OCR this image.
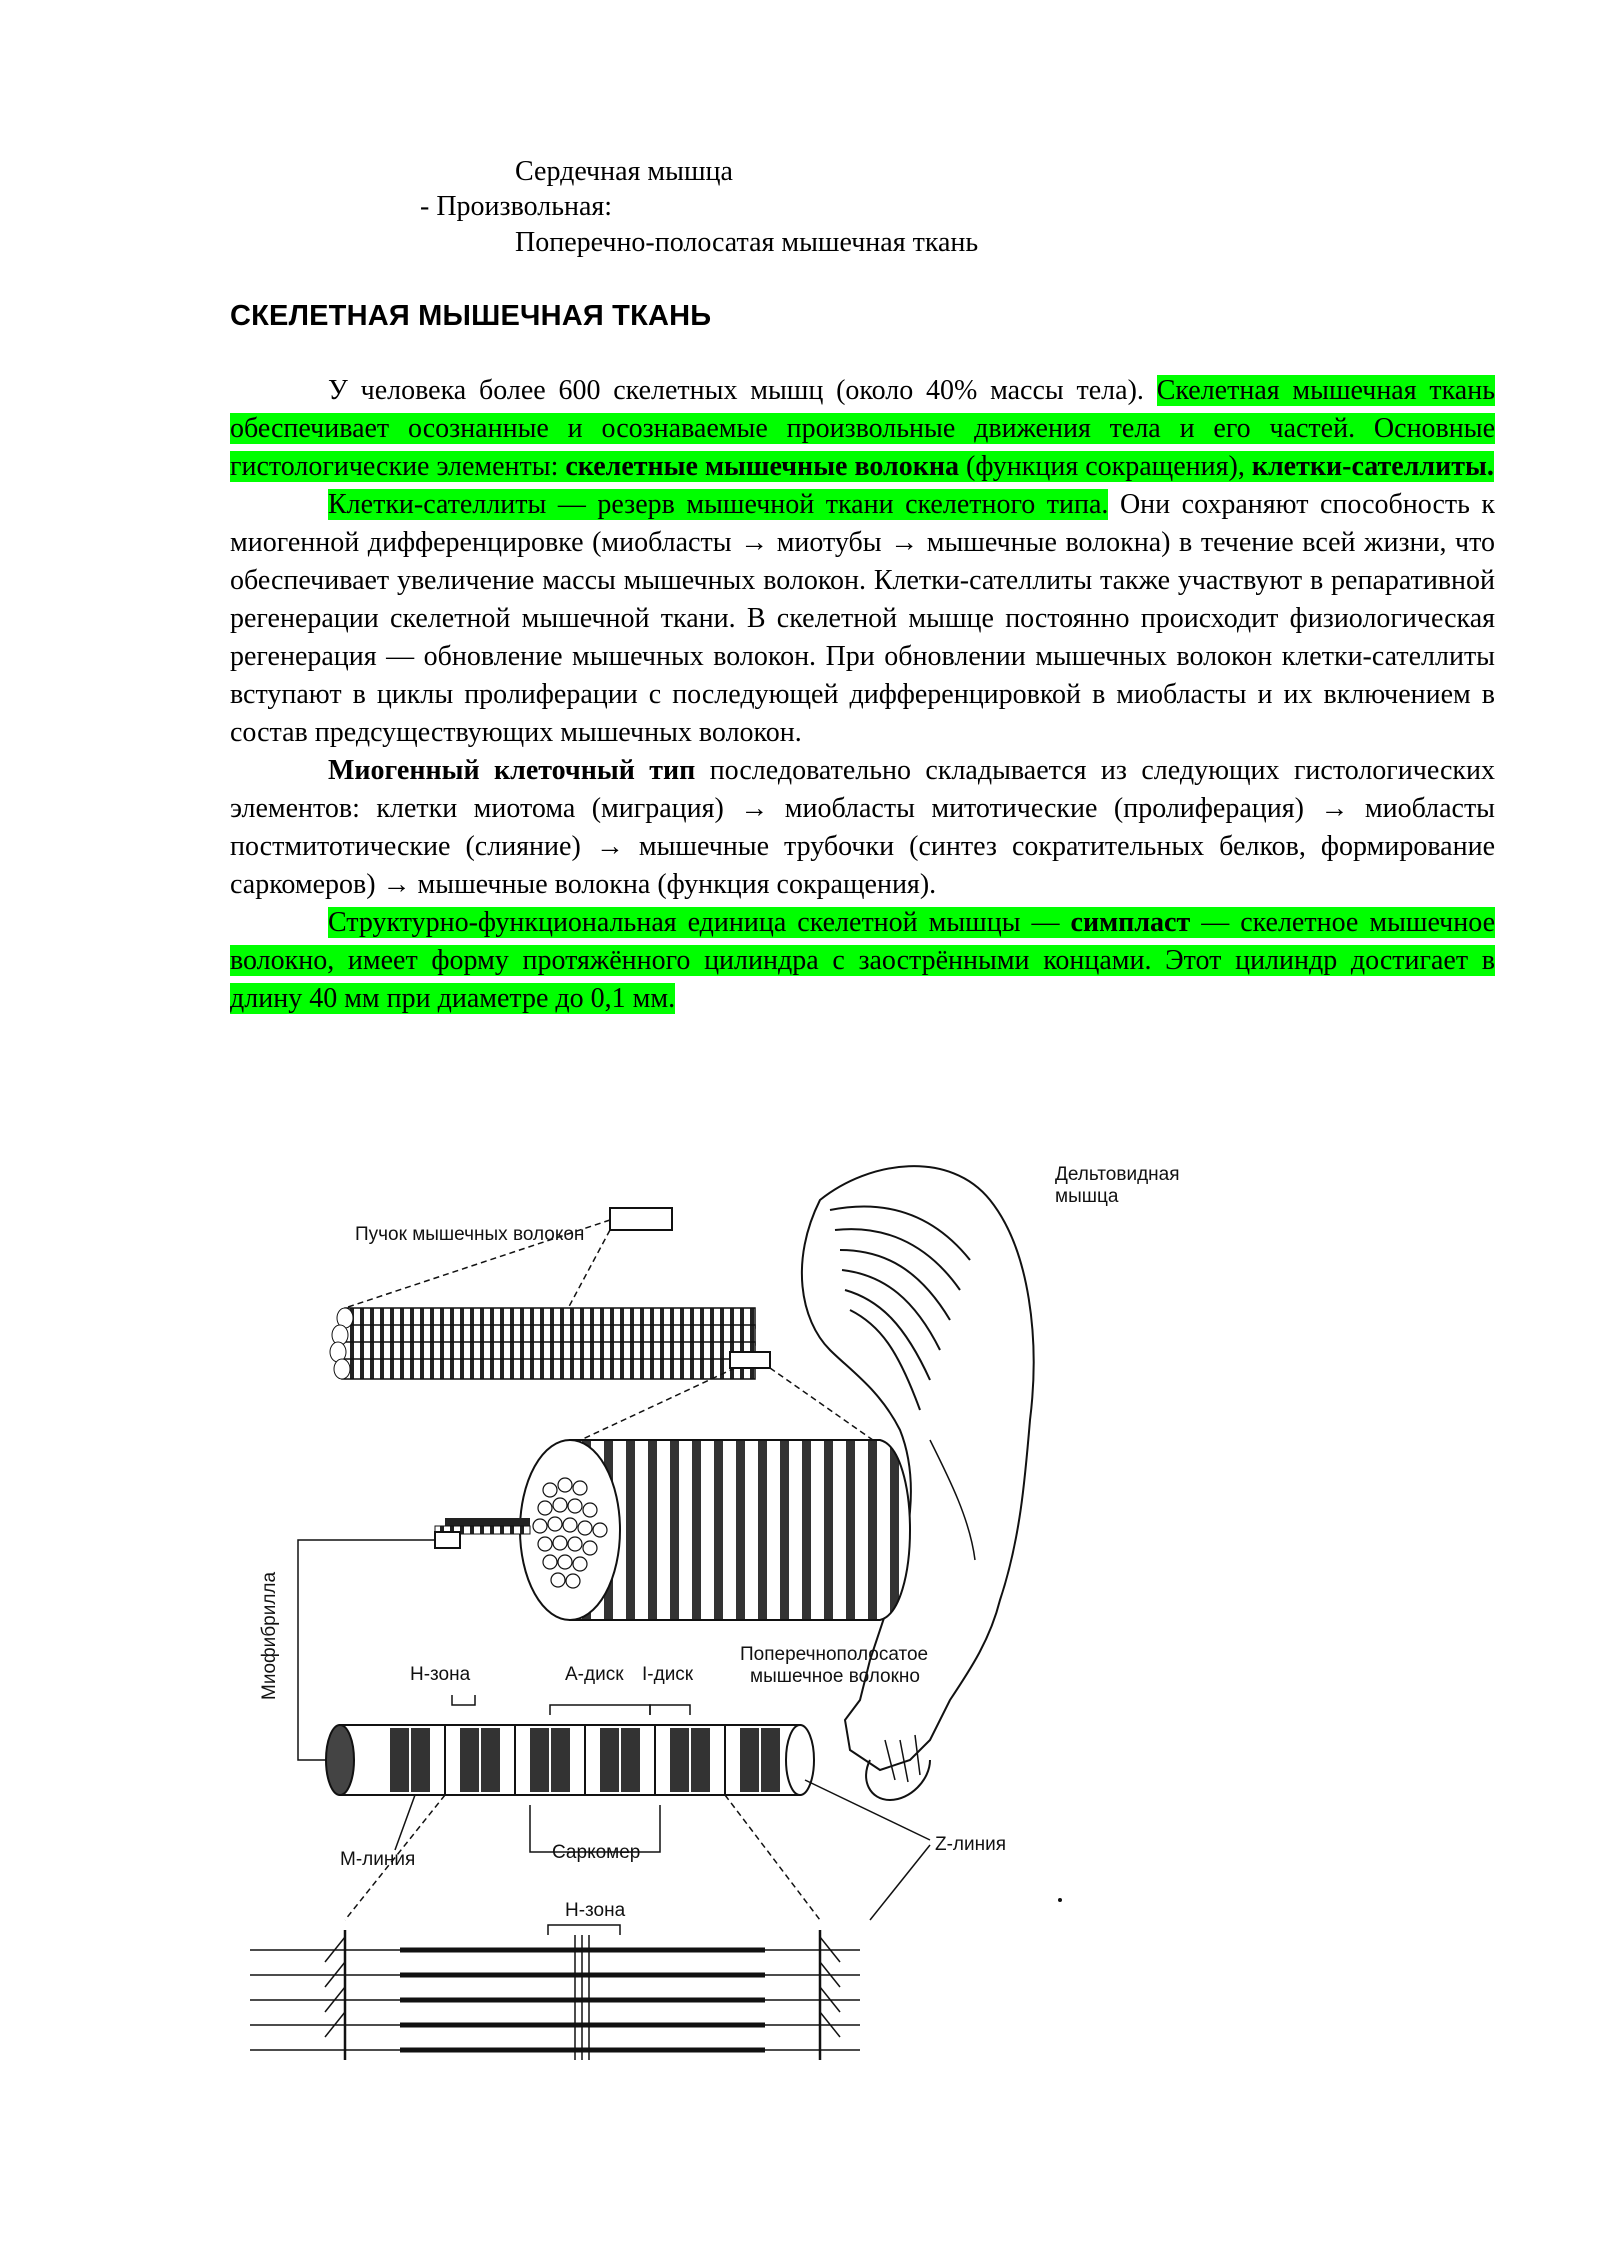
Сердечная мышца
- Произвольная:
Поперечно-полосатая мышечная ткань
СКЕЛЕТНАЯ МЫШЕЧНАЯ ТКАНЬ

У человека более 600 скелетных мышц (около 40% массы тела). Скелетная мышечная ткань обеспечивает осознанные и осознаваемые произвольные движения тела и его частей. Основные гистологические элементы: скелетные мышечные волокна (функция сокращения), клетки-сателлиты.

Клетки-сателлиты — резерв мышечной ткани скелетного типа. Они сохраняют способность к миогенной дифференцировке (миобласты → миотубы → мышечные волокна) в течение всей жизни, что обеспечивает увеличение массы мышечных волокон. Клетки-сателлиты также участвуют в репаративной регенерации скелетной мышечной ткани. В скелетной мышце постоянно происходит физиологическая регенерация — обновление мышечных волокон. При обновлении мышечных волокон клетки-сателлиты вступают в циклы пролиферации с последующей дифференцировкой в миобласты и их включением в состав предсуществующих мышечных волокон.

Миогенный клеточный тип последовательно складывается из следующих гистологических элементов: клетки миотома (миграция) → миобласты митотические (пролиферация) → миобласты постмитотические (слияние) → мышечные трубочки (синтез сократительных белков, формирование саркомеров) → мышечные волокна (функция сокращения).

Структурно-функциональная единица скелетной мышцы — симпласт — скелетное мышечное волокно, имеет форму протяжённого цилиндра с заострёнными концами. Этот цилиндр достигает в длину 40 мм при диаметре до 0,1 мм.

Дельтовидная
мышца
Пучок мышечных волокон
Поперечнополосатое
мышечное волокно
Миофибрилла	Н-зона	А-диск I-диск
М-линия	Саркомер	Z-линия
Н-зона
